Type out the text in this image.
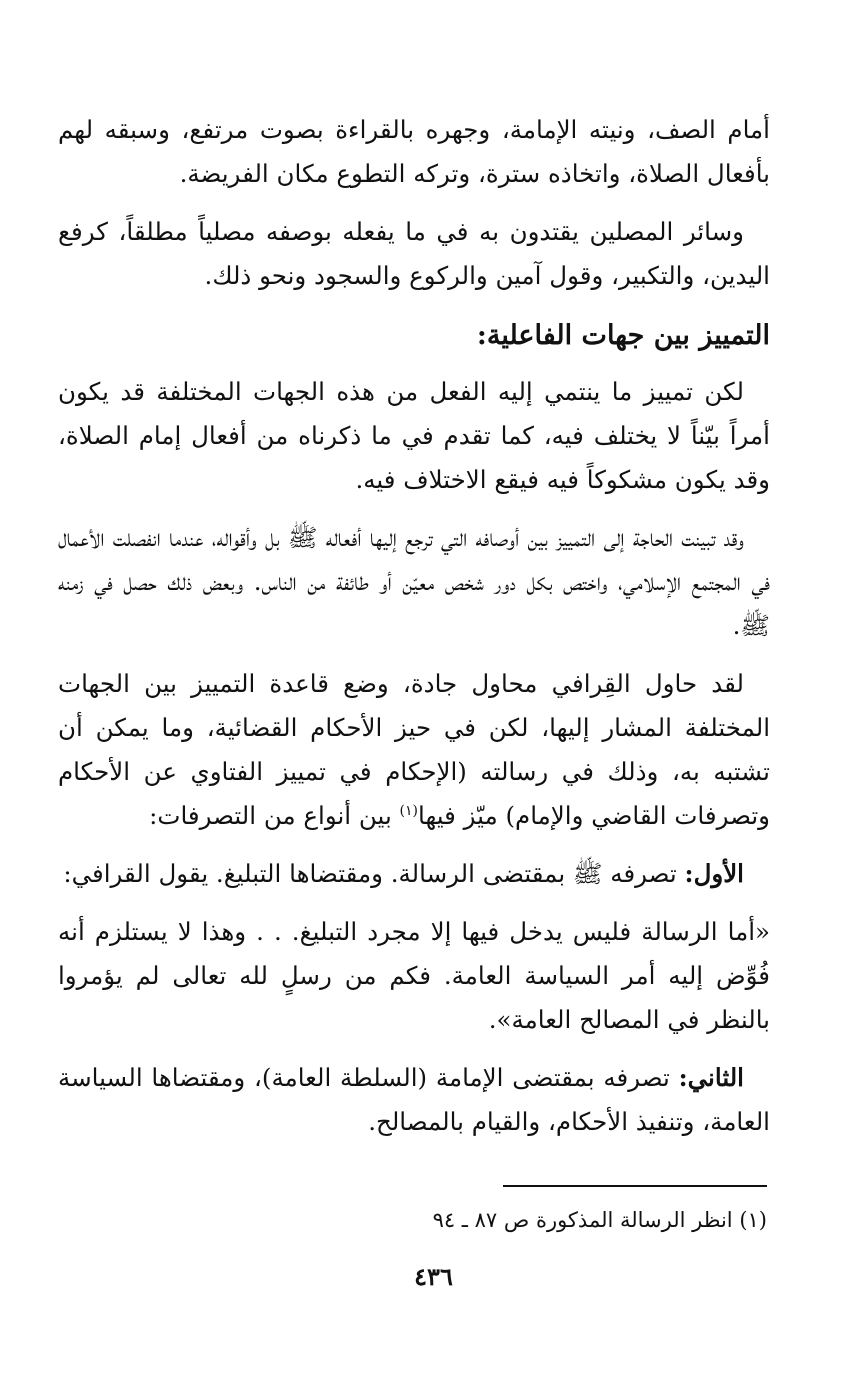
أمام الصف، ونيته الإمامة، وجهره بالقراءة بصوت مرتفع، وسبقه لهم بأفعال الصلاة، واتخاذه سترة، وتركه التطوع مكان الفريضة.

وسائر المصلين يقتدون به في ما يفعله بوصفه مصلياً مطلقاً، كرفع اليدين، والتكبير، وقول آمين والركوع والسجود ونحو ذلك.

التمييز بين جهات الفاعلية:

لكن تمييز ما ينتمي إليه الفعل من هذه الجهات المختلفة قد يكون أمراً بيّناً لا يختلف فيه، كما تقدم في ما ذكرناه من أفعال إمام الصلاة، وقد يكون مشكوكاً فيه فيقع الاختلاف فيه.

وقد تبينت الحاجة إلى التمييز بين أوصافه التي ترجع إليها أفعاله ﷺ بل وأقواله، عندما انفصلت الأعمال في المجتمع الإسلامي، واختص بكل دور شخص معيّن أو طائفة من الناس. وبعض ذلك حصل في زمنه ﷺ.

لقد حاول القِرافي محاول جادة، وضع قاعدة التمييز بين الجهات المختلفة المشار إليها، لكن في حيز الأحكام القضائية، وما يمكن أن تشتبه به، وذلك في رسالته (الإحكام في تمييز الفتاوي عن الأحكام وتصرفات القاضي والإمام) ميّز فيها$^{(١)}$ بين أنواع من التصرفات:

الأول: تصرفه ﷺ بمقتضى الرسالة. ومقتضاها التبليغ. يقول القرافي:

«أما الرسالة فليس يدخل فيها إلا مجرد التبليغ. . . وهذا لا يستلزم أنه فُوِّض إليه أمر السياسة العامة. فكم من رسلٍ لله تعالى لم يؤمروا بالنظر في المصالح العامة».

الثاني: تصرفه بمقتضى الإمامة (السلطة العامة)، ومقتضاها السياسة العامة، وتنفيذ الأحكام، والقيام بالمصالح.

(١) انظر الرسالة المذكورة ص ٨٧ ـ ٩٤
٤٣٦
